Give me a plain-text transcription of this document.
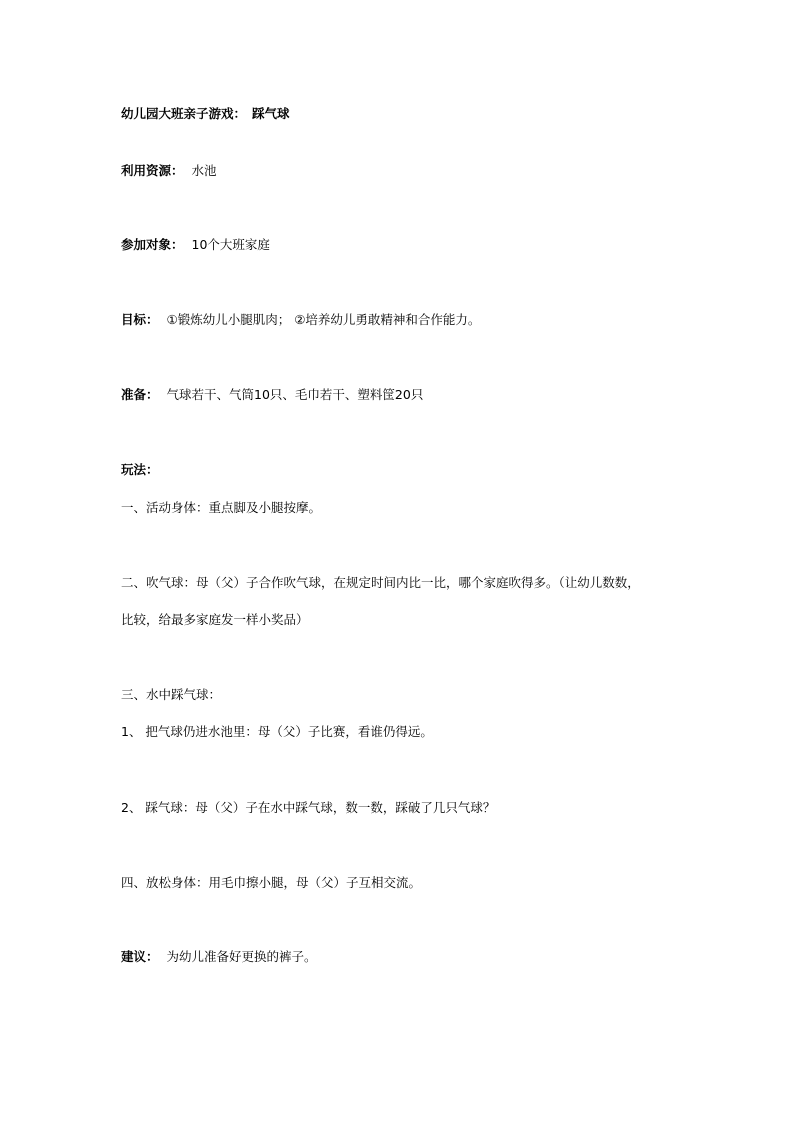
幼儿园大班亲子游戏： 踩气球
利用资源： 水池
参加对象： 10个大班家庭
目标： ①锻炼幼儿小腿肌肉； ②培养幼儿勇敢精神和合作能力。
准备： 气球若干、气筒10只、毛巾若干、塑料筐20只
玩法：
一、活动身体：重点脚及小腿按摩。
二、吹气球：母（父）子合作吹气球，在规定时间内比一比，哪个家庭吹得多。（让幼儿数数，
比较，给最多家庭发一样小奖品）
三、水中踩气球：
1、 把气球仍进水池里：母（父）子比赛，看谁仍得远。
2、 踩气球：母（父）子在水中踩气球，数一数，踩破了几只气球？
四、放松身体：用毛巾擦小腿，母（父）子互相交流。
建议： 为幼儿准备好更换的裤子。
